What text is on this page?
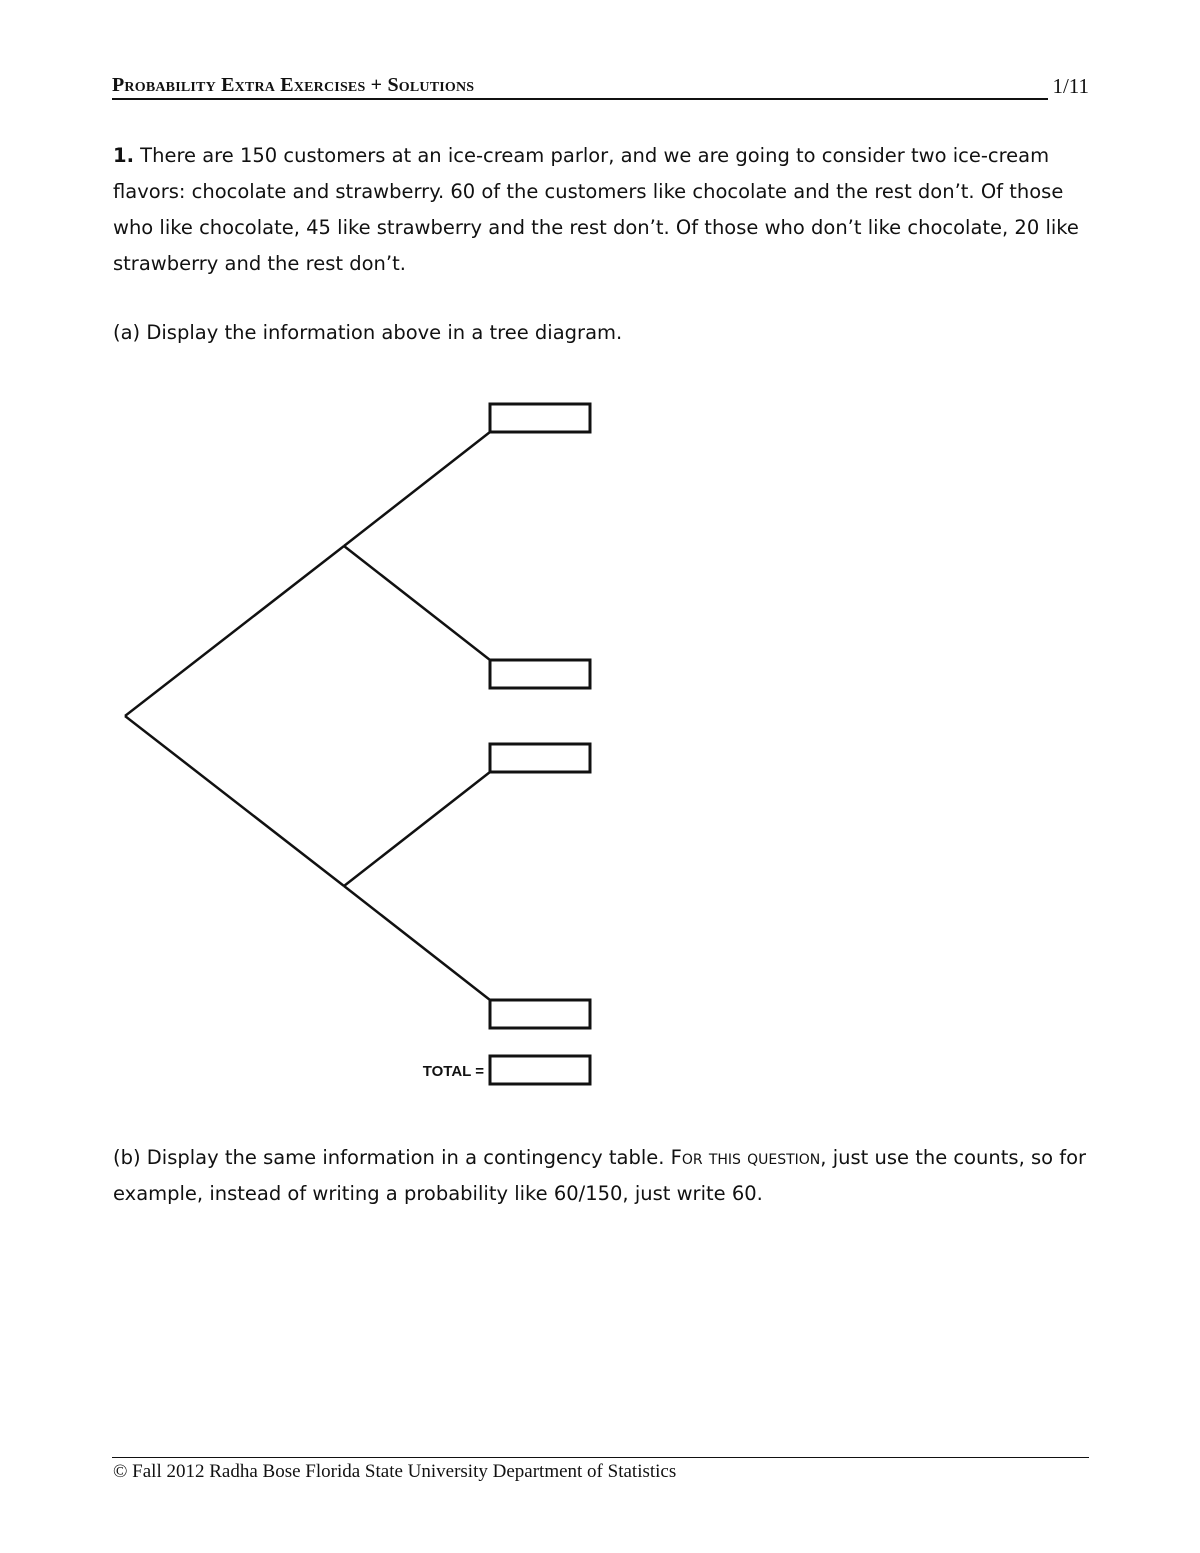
Probability Extra Exercises + Solutions	1/11
1. There are 150 customers at an ice-cream parlor, and we are going to consider two ice-cream flavors: chocolate and strawberry. 60 of the customers like chocolate and the rest don’t. Of those who like chocolate, 45 like strawberry and the rest don’t. Of those who don’t like chocolate, 20 like strawberry and the rest don’t.
(a) Display the information above in a tree diagram.
TOTAL =
(b) Display the same information in a contingency table. For this question, just use the counts, so for example, instead of writing a probability like 60/150, just write 60.
© Fall 2012 Radha Bose Florida State University Department of Statistics
